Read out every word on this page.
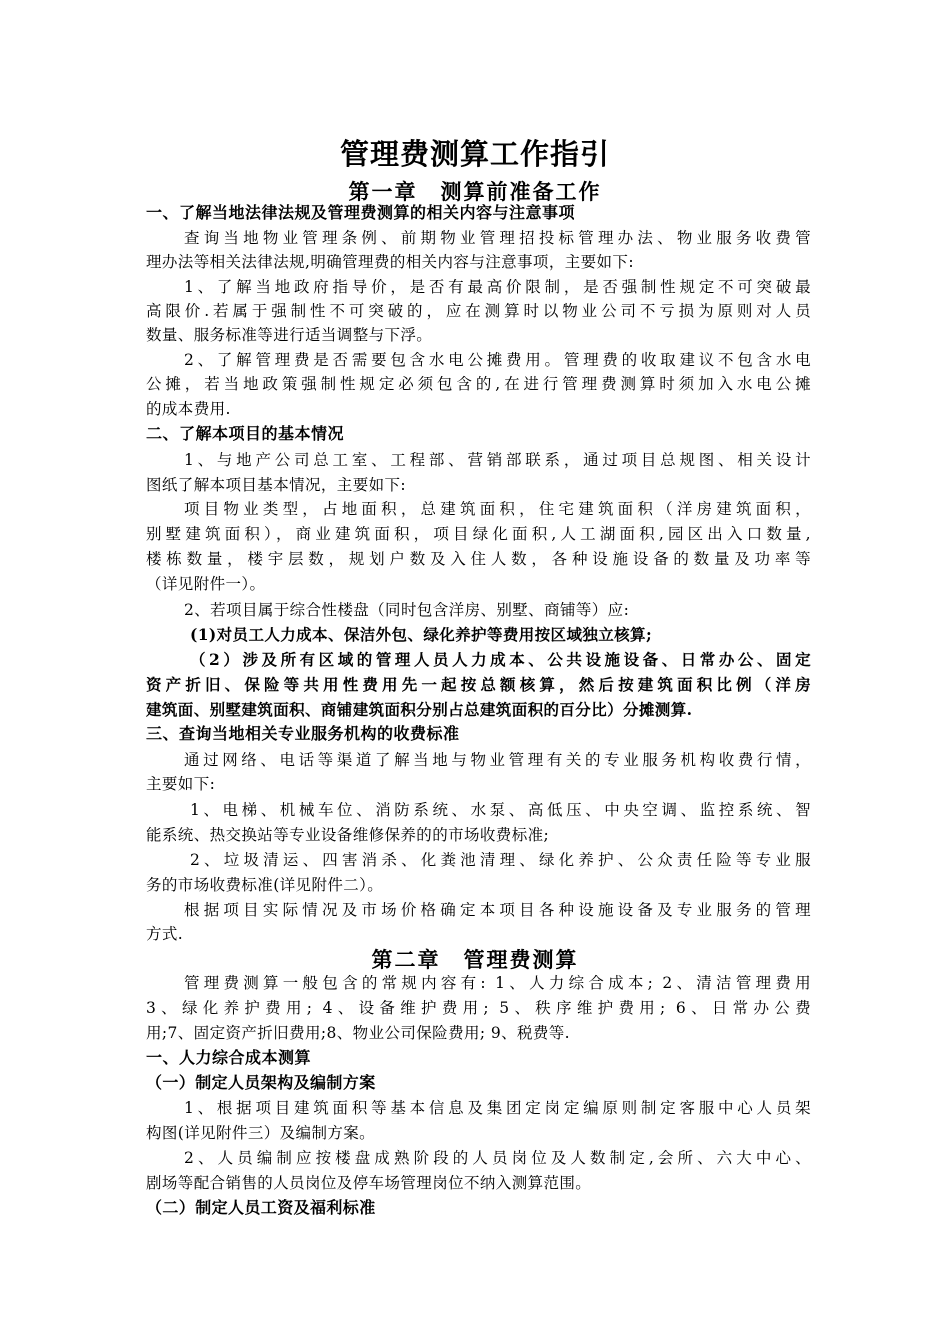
管理费测算工作指引
第一章　测算前准备工作
一、了解当地法律法规及管理费测算的相关内容与注意事项
查询当地物业管理条例、前期物业管理招投标管理办法、物业服务收费管
理办法等相关法律法规,明确管理费的相关内容与注意事项，主要如下:
1、了解当地政府指导价，是否有最高价限制，是否强制性规定不可突破最
高限价.若属于强制性不可突破的，应在测算时以物业公司不亏损为原则对人员
数量、服务标准等进行适当调整与下浮。
2、了解管理费是否需要包含水电公摊费用。管理费的收取建议不包含水电
公摊，若当地政策强制性规定必须包含的,在进行管理费测算时须加入水电公摊
的成本费用.
二、了解本项目的基本情况
1、与地产公司总工室、工程部、营销部联系，通过项目总规图、相关设计
图纸了解本项目基本情况，主要如下:
项目物业类型，占地面积，总建筑面积，住宅建筑面积（洋房建筑面积，
别墅建筑面积），商业建筑面积，项目绿化面积,人工湖面积,园区出入口数量,
楼栋数量，楼宇层数，规划户数及入住人数，各种设施设备的数量及功率等
（详见附件一）。
2、若项目属于综合性楼盘（同时包含洋房、别墅、商铺等）应:
(1)对员工人力成本、保洁外包、绿化养护等费用按区域独立核算;
（2）涉及所有区域的管理人员人力成本、公共设施设备、日常办公、固定
资产折旧、保险等共用性费用先一起按总额核算，然后按建筑面积比例（洋房
建筑面、别墅建筑面积、商铺建筑面积分别占总建筑面积的百分比）分摊测算.
三、查询当地相关专业服务机构的收费标准
通过网络、电话等渠道了解当地与物业管理有关的专业服务机构收费行情，
主要如下:
1、电梯、机械车位、消防系统、水泵、高低压、中央空调、监控系统、智
能系统、热交换站等专业设备维修保养的的市场收费标准;
2、垃圾清运、四害消杀、化粪池清理、绿化养护、公众责任险等专业服
务的市场收费标准(详见附件二）。
根据项目实际情况及市场价格确定本项目各种设施设备及专业服务的管理
方式.
第二章　管理费测算
管理费测算一般包含的常规内容有: 1、人力综合成本; 2、清洁管理费用
3、绿化养护费用; 4、设备维护费用; 5、秩序维护费用; 6、日常办公费
用;7、固定资产折旧费用;8、物业公司保险费用; 9、税费等.
一、人力综合成本测算
（一）制定人员架构及编制方案
1、根据项目建筑面积等基本信息及集团定岗定编原则制定客服中心人员架
构图(详见附件三）及编制方案。
2、人员编制应按楼盘成熟阶段的人员岗位及人数制定,会所、六大中心、
剧场等配合销售的人员岗位及停车场管理岗位不纳入测算范围。
（二）制定人员工资及福利标准
